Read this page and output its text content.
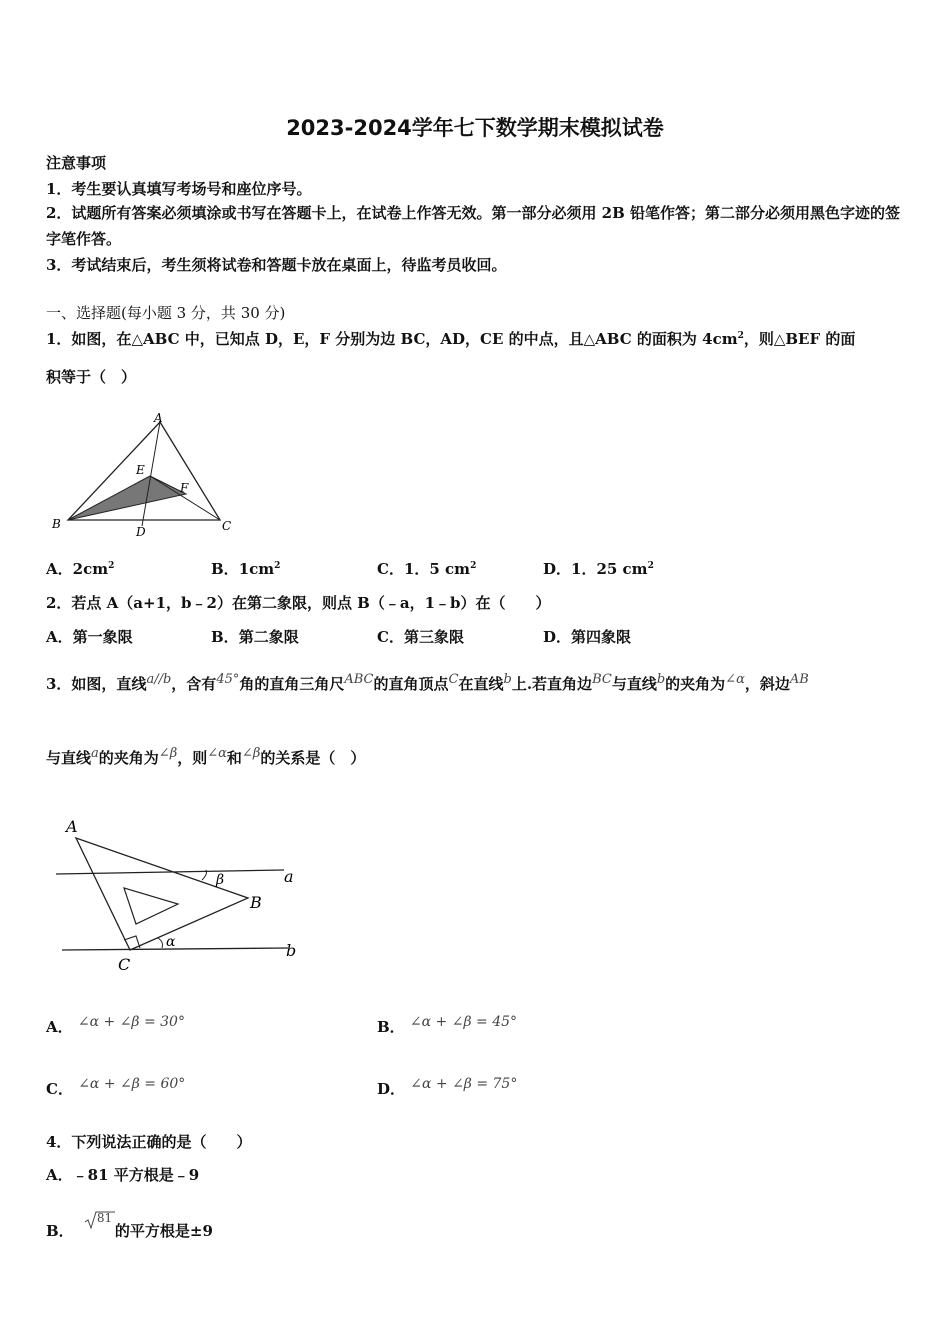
2023-2024学年七下数学期末模拟试卷
注意事项
1．考生要认真填写考场号和座位序号。
2．试题所有答案必须填涂或书写在答题卡上，在试卷上作答无效。第一部分必须用 2B 铅笔作答；第二部分必须用黑色字迹的签字笔作答。
3．考试结束后，考生须将试卷和答题卡放在桌面上，待监考员收回。
一、选择题(每小题 3 分，共 30 分)
1．如图，在△ABC 中，已知点 D，E，F 分别为边 BC，AD，CE 的中点，且△ABC 的面积为 $4cm^2$，则△BEF 的面
积等于（　）
A
B	C
D
E
F
A．$2cm^2$	B．$1cm^2$	C．1．5 $cm^2$	D．1．25 $cm^2$
2．若点 A（a+1，b﹣2）在第二象限，则点 B（﹣a，1﹣b）在（　　）
A．第一象限	B．第二象限	C．第三象限	D．第四象限
3．如图，直线a//b，含有45°角的直角三角尺ABC的直角顶点C在直线b上.若直角边BC与直线b的夹角为∠α，斜边AB
与直线a的夹角为∠β，则∠α和∠β的关系是（　）
A
B
C
a
b
β
α
A． ∠α + ∠β = 30°	B． ∠α + ∠β = 45°
C． ∠α + ∠β = 60°	D． ∠α + ∠β = 75°
4．下列说法正确的是（　　）
A．﹣81 平方根是﹣9
B．
81
的平方根是±9
